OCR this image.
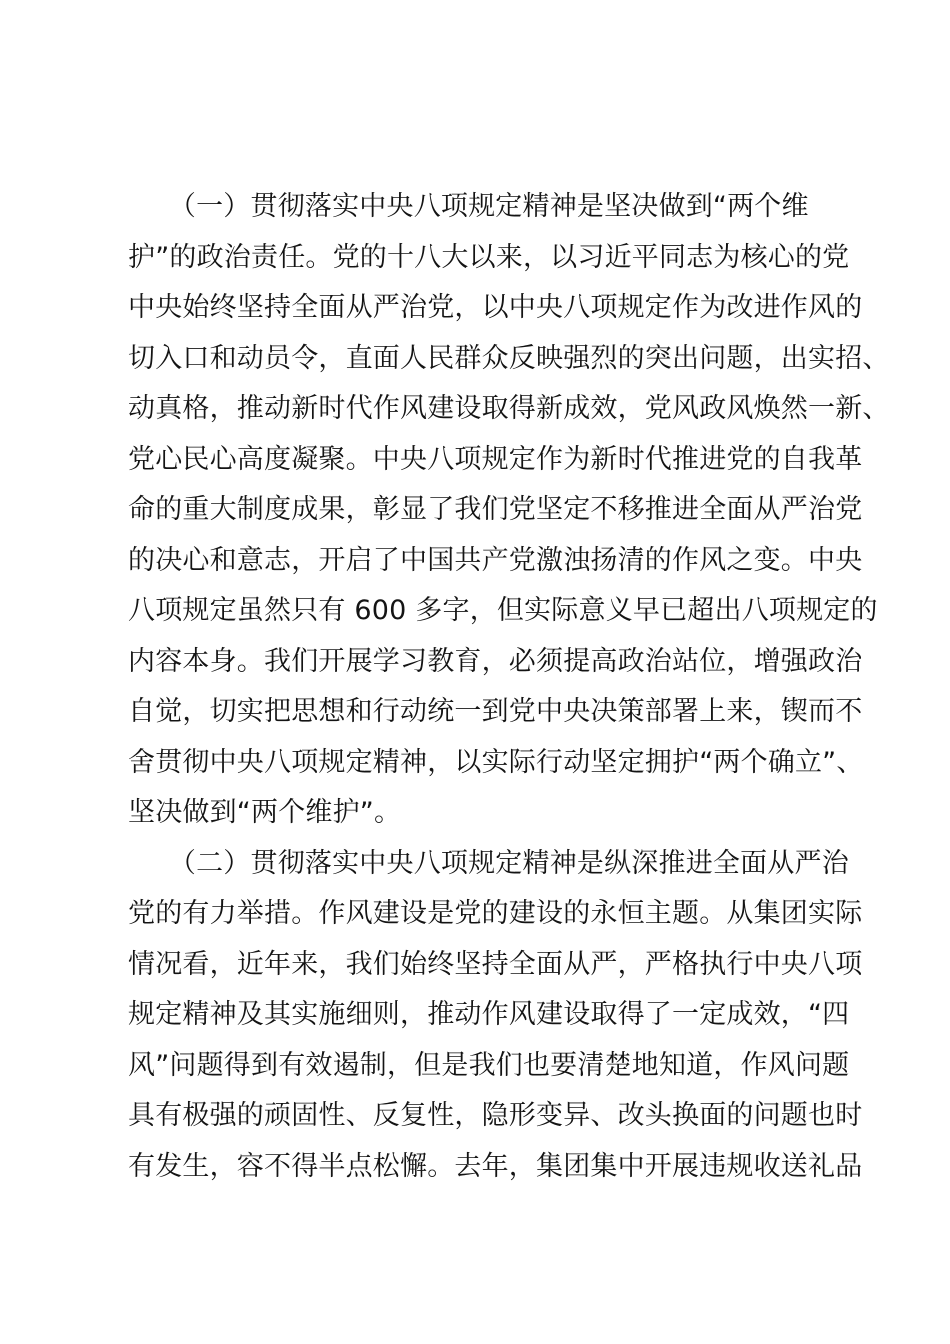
　　（一）贯彻落实中央八项规定精神是坚决做到“两个维
护”的政治责任。党的十八大以来，以习近平同志为核心的党
中央始终坚持全面从严治党，以中央八项规定作为改进作风的
切入口和动员令，直面人民群众反映强烈的突出问题，出实招、
动真格，推动新时代作风建设取得新成效，党风政风焕然一新、
党心民心高度凝聚。中央八项规定作为新时代推进党的自我革
命的重大制度成果，彰显了我们党坚定不移推进全面从严治党
的决心和意志，开启了中国共产党激浊扬清的作风之变。中央
八项规定虽然只有 600 多字，但实际意义早已超出八项规定的
内容本身。我们开展学习教育，必须提高政治站位，增强政治
自觉，切实把思想和行动统一到党中央决策部署上来，锲而不
舍贯彻中央八项规定精神，以实际行动坚定拥护“两个确立”、
坚决做到“两个维护”。
　　（二）贯彻落实中央八项规定精神是纵深推进全面从严治
党的有力举措。作风建设是党的建设的永恒主题。从集团实际
情况看，近年来，我们始终坚持全面从严，严格执行中央八项
规定精神及其实施细则，推动作风建设取得了一定成效，“四
风”问题得到有效遏制，但是我们也要清楚地知道，作风问题
具有极强的顽固性、反复性，隐形变异、改头换面的问题也时
有发生，容不得半点松懈。去年，集团集中开展违规收送礼品
